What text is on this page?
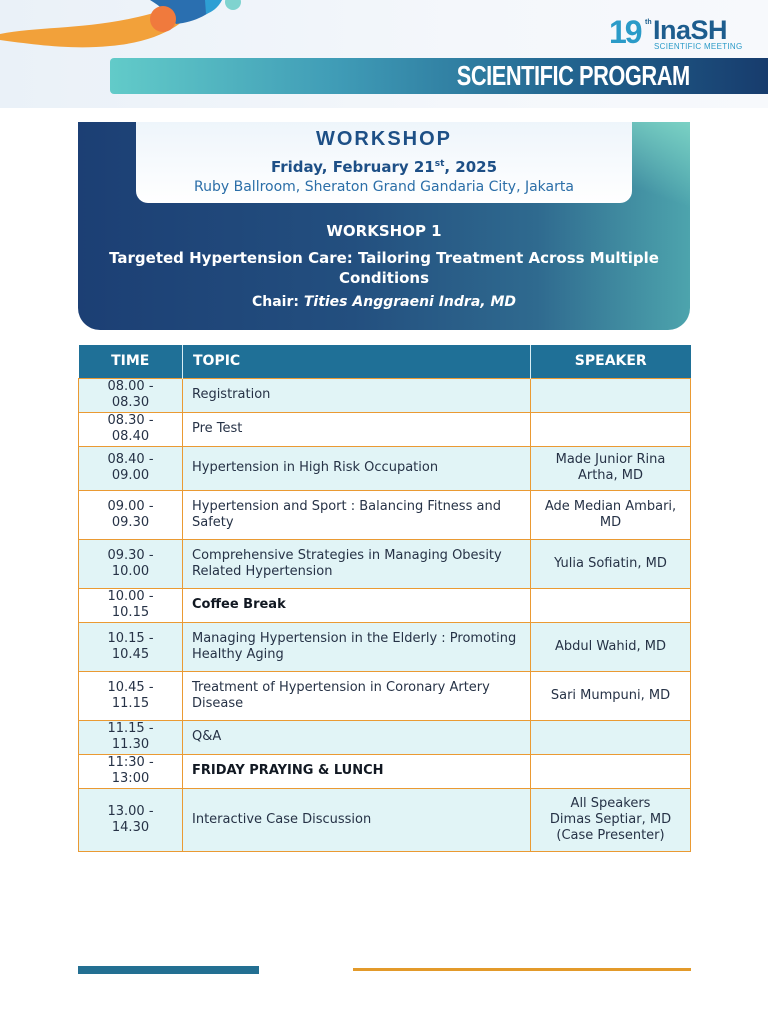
19 th InaSH
SCIENTIFIC MEETING
SCIENTIFIC PROGRAM
WORKSHOP
Friday, February 21st, 2025
Ruby Ballroom, Sheraton Grand Gandaria City, Jakarta
WORKSHOP 1
Targeted Hypertension Care: Tailoring Treatment Across Multiple Conditions
Chair: Tities Anggraeni Indra, MD
TIME	TOPIC	SPEAKER
08.00 - 08.30	Registration	
08.30 - 08.40	Pre Test	
08.40 - 09.00	Hypertension in High Risk Occupation	Made Junior Rina Artha, MD
09.00 - 09.30	Hypertension and Sport : Balancing Fitness and Safety	Ade Median Ambari, MD
09.30 - 10.00	Comprehensive Strategies in Managing Obesity Related Hypertension	Yulia Sofiatin, MD
10.00 - 10.15	Coffee Break	
10.15 - 10.45	Managing Hypertension in the Elderly : Promoting Healthy Aging	Abdul Wahid, MD
10.45 - 11.15	Treatment of Hypertension in Coronary Artery Disease	Sari Mumpuni, MD
11.15 - 11.30	Q&A	
11:30 - 13:00	FRIDAY PRAYING & LUNCH	
13.00 - 14.30	Interactive Case Discussion	All Speakers
Dimas Septiar, MD
(Case Presenter)
